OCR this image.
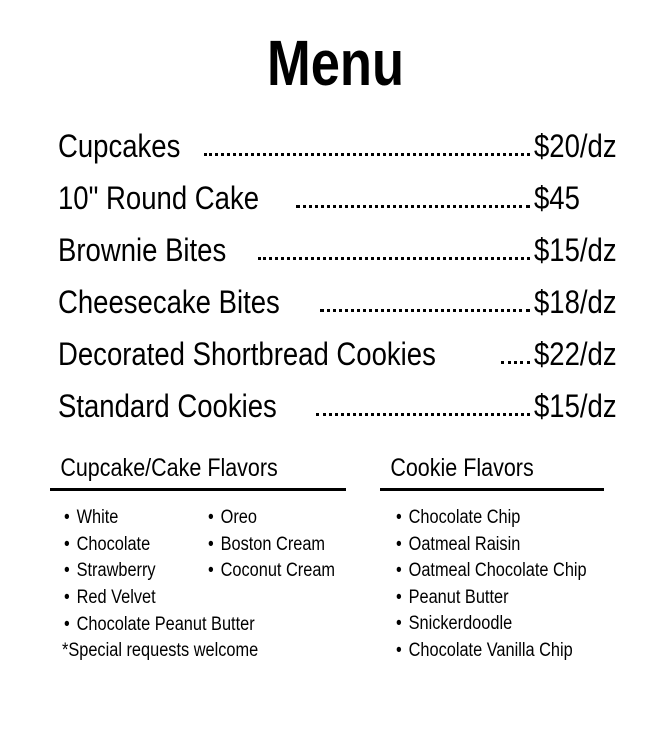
Menu
Cupcakes	$20/dz
10" Round Cake	$45
Brownie Bites	$15/dz
Cheesecake Bites	$18/dz
Decorated Shortbread Cookies	$22/dz
Standard Cookies	$15/dz
Cupcake/Cake Flavors
• White
• Chocolate
• Strawberry
• Oreo
• Boston Cream
• Coconut Cream
• Red Velvet
• Chocolate Peanut Butter
*Special requests welcome
Cookie Flavors
• Chocolate Chip
• Oatmeal Raisin
• Oatmeal Chocolate Chip
• Peanut Butter
• Snickerdoodle
• Chocolate Vanilla Chip
